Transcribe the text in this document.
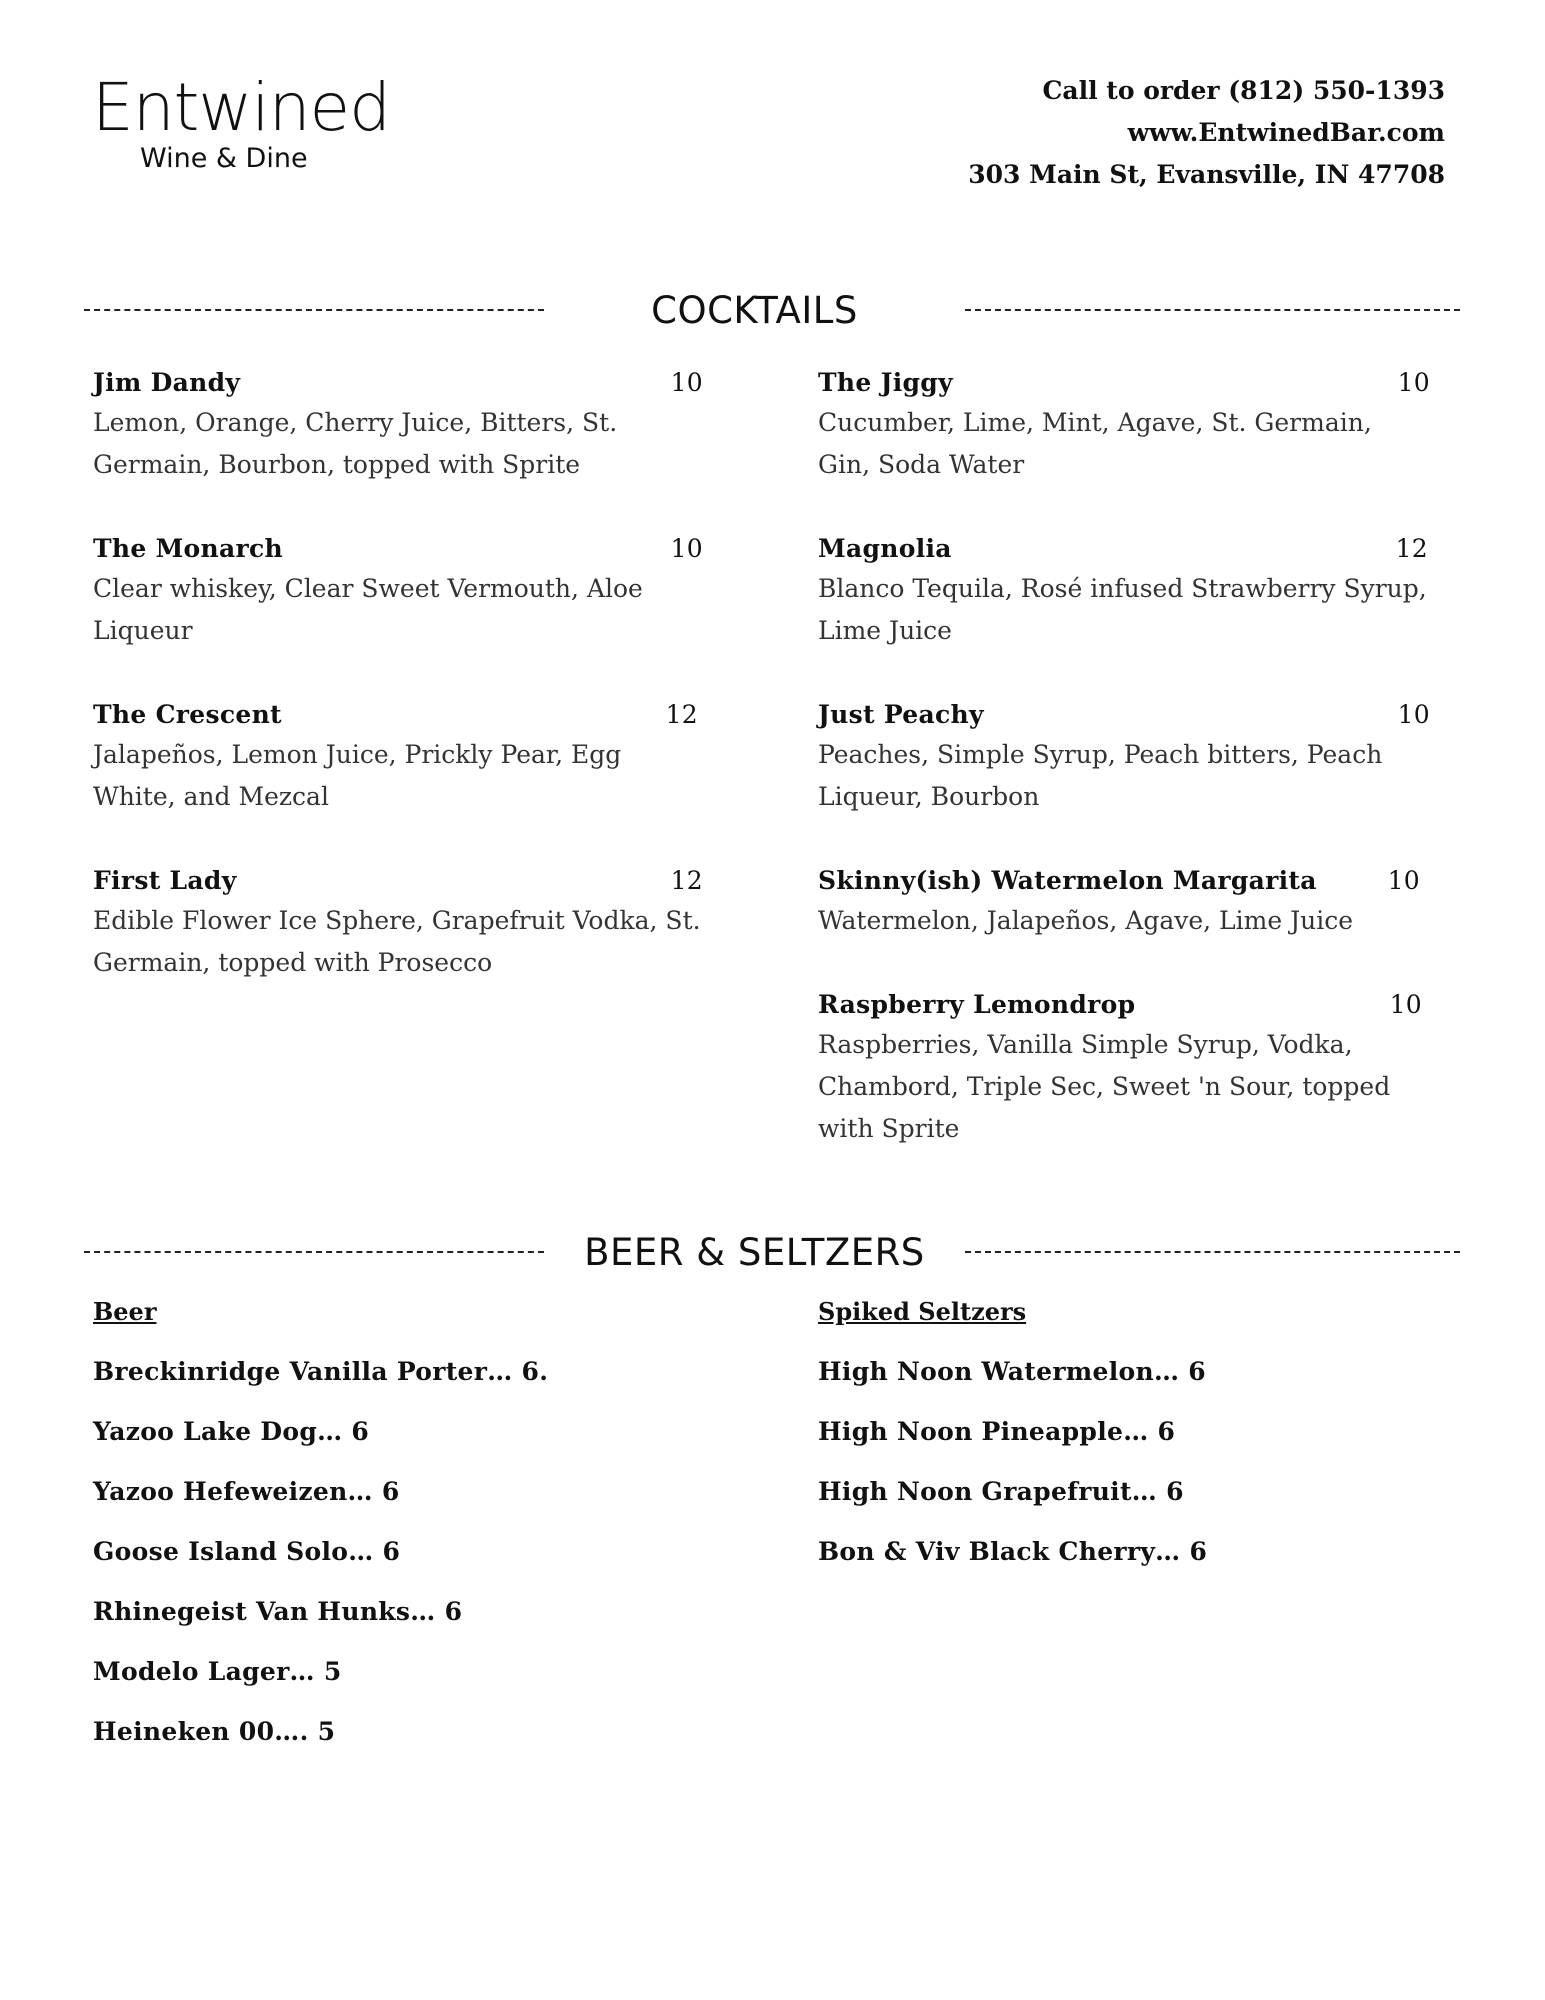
Entwined
Wine & Dine
Call to order (812) 550-1393
www.EntwinedBar.com
303 Main St, Evansville, IN 47708
COCKTAILS
Jim Dandy	10
Lemon, Orange, Cherry Juice, Bitters, St. Germain, Bourbon, topped with Sprite
The Monarch	10
Clear whiskey, Clear Sweet Vermouth, Aloe Liqueur
The Crescent	12
Jalapeños, Lemon Juice, Prickly Pear, Egg White, and Mezcal
First Lady	12
Edible Flower Ice Sphere, Grapefruit Vodka, St. Germain, topped with Prosecco
The Jiggy	10
Cucumber, Lime, Mint, Agave, St. Germain, Gin, Soda Water
Magnolia	12
Blanco Tequila, Rosé infused Strawberry Syrup, Lime Juice
Just Peachy	10
Peaches, Simple Syrup, Peach bitters, Peach Liqueur, Bourbon
Skinny(ish) Watermelon Margarita	10
Watermelon, Jalapeños, Agave, Lime Juice
Raspberry Lemondrop	10
Raspberries, Vanilla Simple Syrup, Vodka, Chambord, Triple Sec, Sweet 'n Sour, topped with Sprite
BEER & SELTZERS
Beer
Breckinridge Vanilla Porter… 6.
Yazoo Lake Dog… 6
Yazoo Hefeweizen… 6
Goose Island Solo… 6
Rhinegeist Van Hunks… 6
Modelo Lager… 5
Heineken 00…. 5
Spiked Seltzers
High Noon Watermelon… 6
High Noon Pineapple… 6
High Noon Grapefruit… 6
Bon & Viv Black Cherry… 6
